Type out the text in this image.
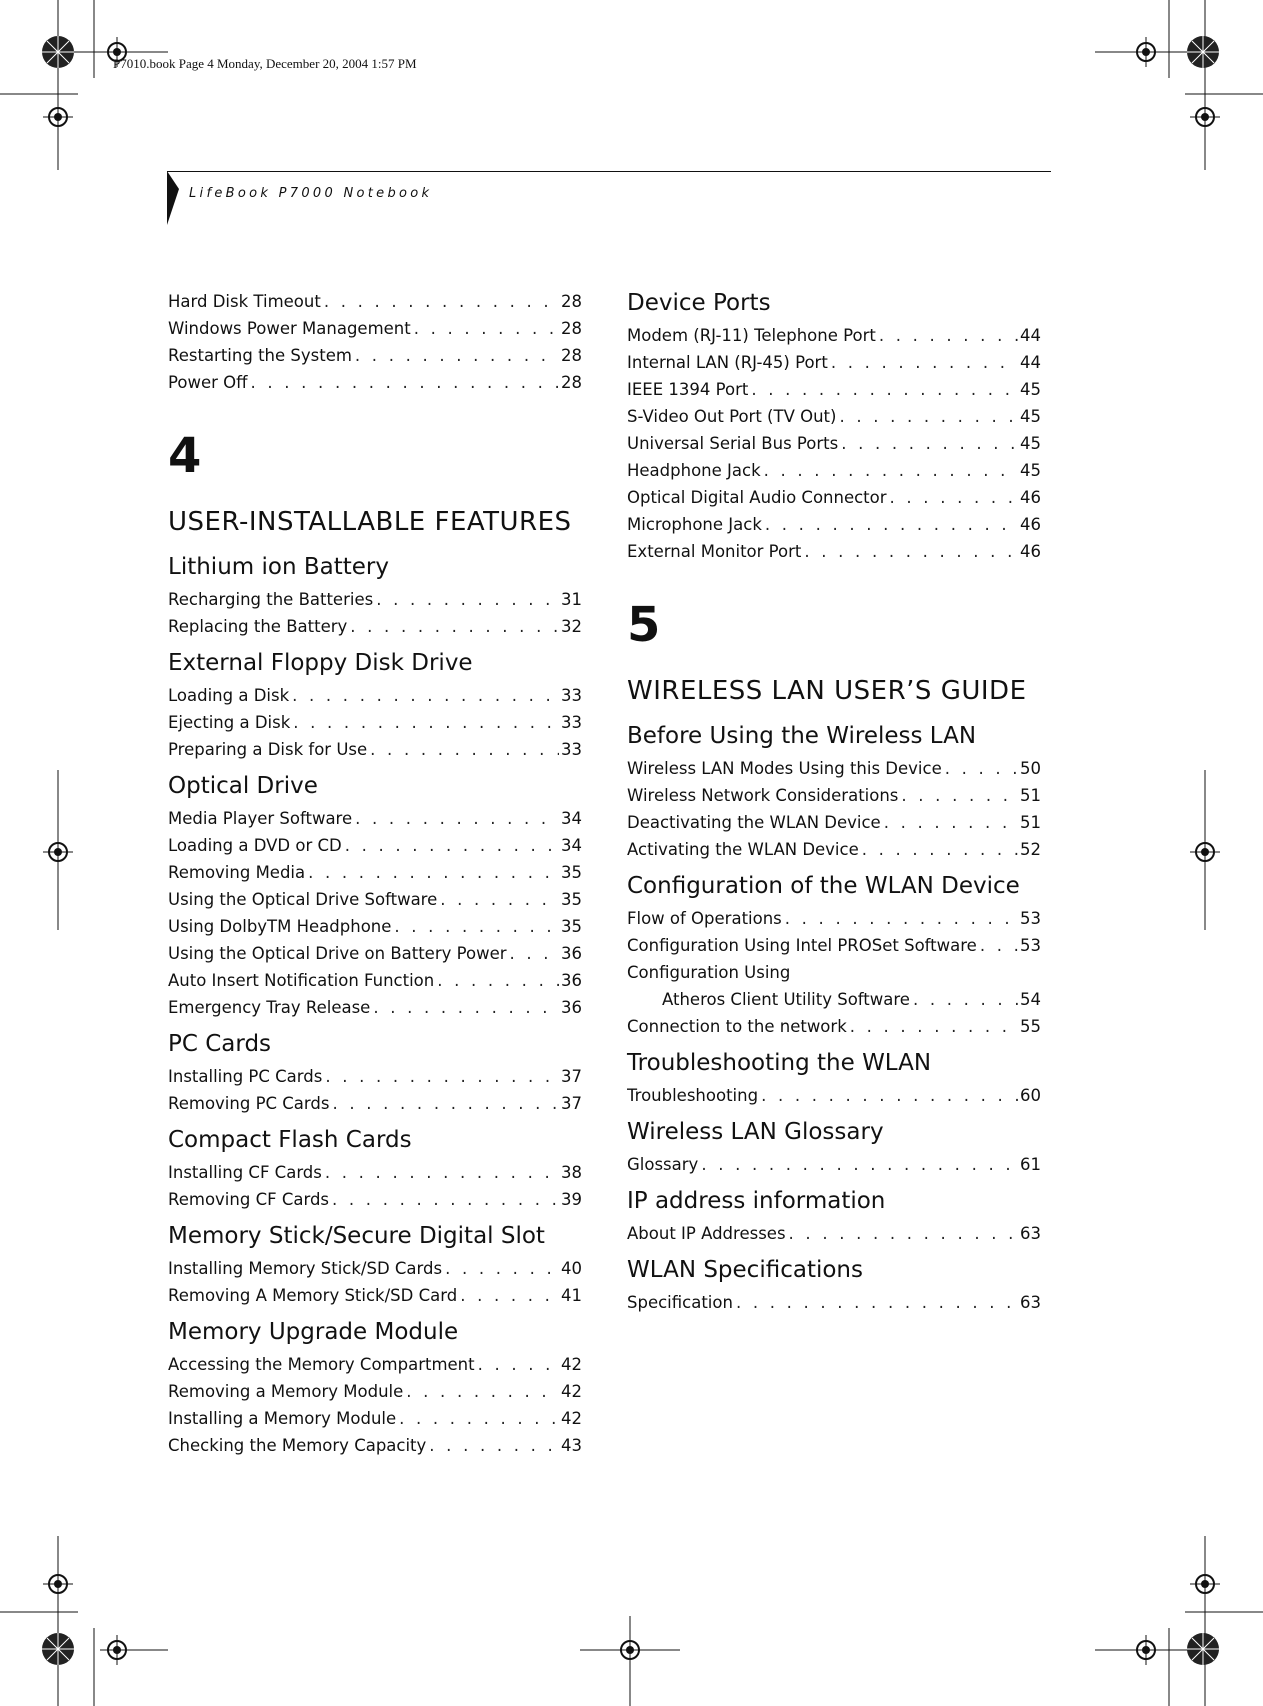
P7010.book Page 4 Monday, December 20, 2004 1:57 PM
LifeBook P7000 Notebook
Hard Disk Timeout . . .	28
Windows Power Management . . .	28
Restarting the System . . .	28
Power Off . . .	28
4
USER-INSTALLABLE FEATURES
Lithium ion Battery
Recharging the Batteries . . .	31
Replacing the Battery . . .	32
External Floppy Disk Drive
Loading a Disk . . .	33
Ejecting a Disk . . .	33
Preparing a Disk for Use . . .	33
Optical Drive
Media Player Software . . .	34
Loading a DVD or CD . . .	34
Removing Media . . .	35
Using the Optical Drive Software . . .	35
Using DolbyTM Headphone . . .	35
Using the Optical Drive on Battery Power . . .	36
Auto Insert Notification Function . . .	36
Emergency Tray Release . . .	36
PC Cards
Installing PC Cards . . .	37
Removing PC Cards . . .	37
Compact Flash Cards
Installing CF Cards . . .	38
Removing CF Cards . . .	39
Memory Stick/Secure Digital Slot
Installing Memory Stick/SD Cards . . .	40
Removing A Memory Stick/SD Card . . .	41
Memory Upgrade Module
Accessing the Memory Compartment . . .	42
Removing a Memory Module . . .	42
Installing a Memory Module . . .	42
Checking the Memory Capacity . . .	43
Device Ports
Modem (RJ-11) Telephone Port . . .	44
Internal LAN (RJ-45) Port . . .	44
IEEE 1394 Port . . .	45
S-Video Out Port (TV Out) . . .	45
Universal Serial Bus Ports . . .	45
Headphone Jack . . .	45
Optical Digital Audio Connector . . .	46
Microphone Jack . . .	46
External Monitor Port . . .	46
5
WIRELESS LAN USER’S GUIDE
Before Using the Wireless LAN
Wireless LAN Modes Using this Device . . .	50
Wireless Network Considerations . . .	51
Deactivating the WLAN Device . . .	51
Activating the WLAN Device . . .	52
Configuration of the WLAN Device
Flow of Operations . . .	53
Configuration Using Intel PROSet Software . . .	53
Configuration Using
Atheros Client Utility Software . . .	54
Connection to the network . . .	55
Troubleshooting the WLAN
Troubleshooting . . .	60
Wireless LAN Glossary
Glossary . . .	61
IP address information
About IP Addresses . . .	63
WLAN Specifications
Specification . . .	63
